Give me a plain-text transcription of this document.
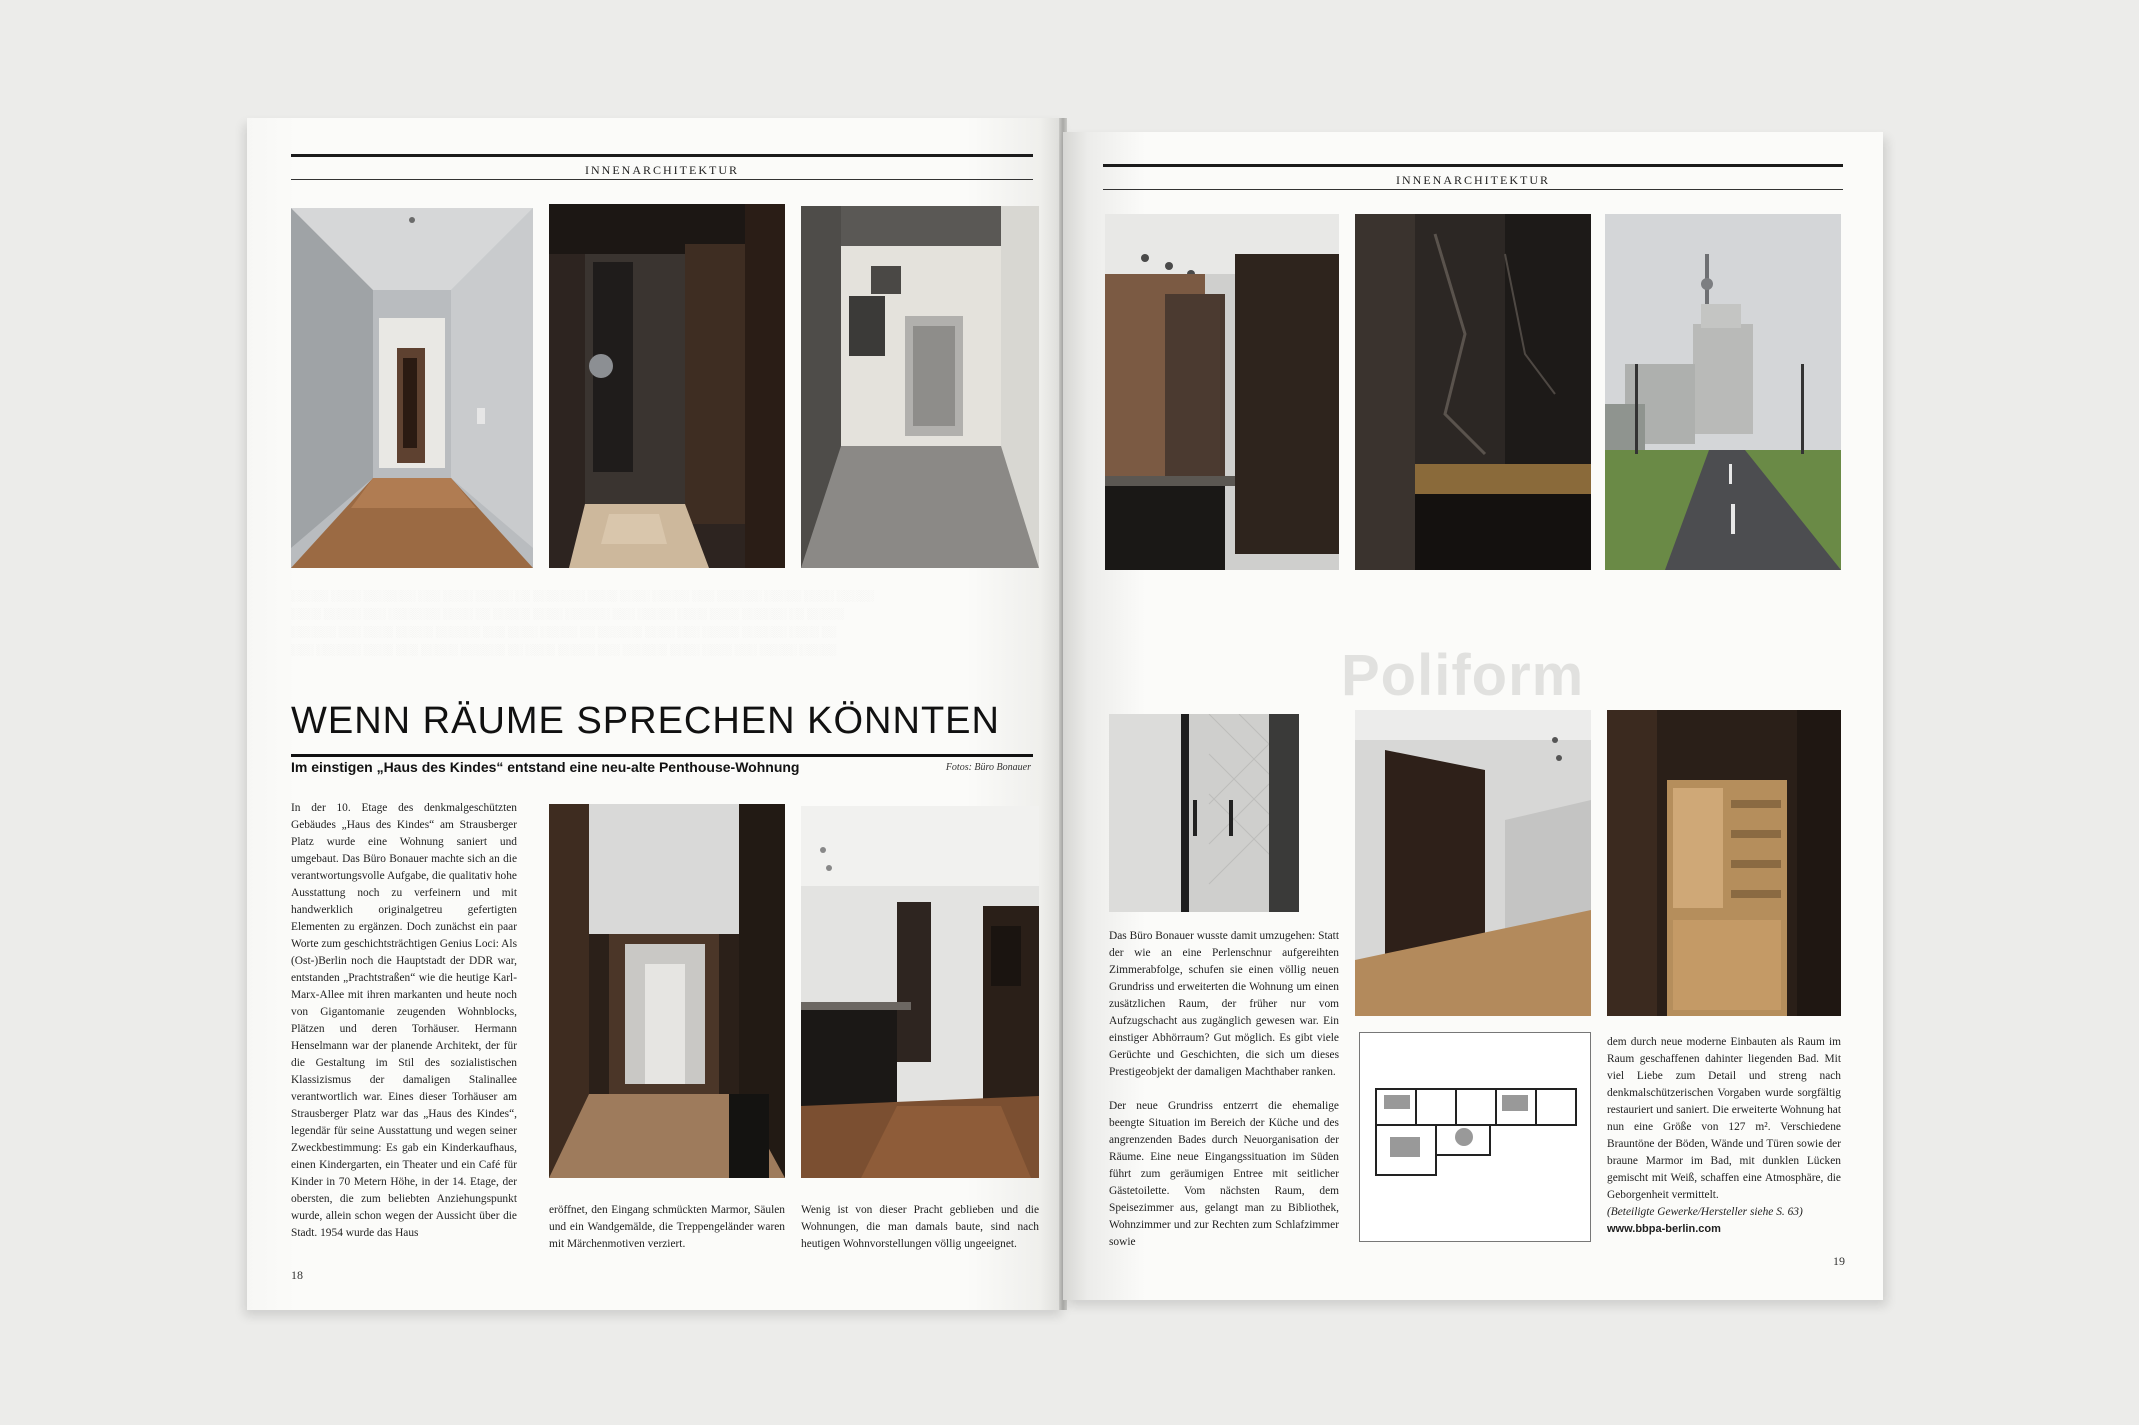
INNENARCHITEKTUR
░░░░░ ░░░░ ░░░░░░░ ░░░ ░░░░ ░░░░░ ░░ ░░░░░░░ ░░░░ ░░░░ ░░░░░ ░░░ ░░░░░░ ░░░░░ ░░░░ ░░░░░
░░░░ ░░░░░ ░░░ ░░░░░░░ ░░░░ ░░ ░░░░░ ░░░░ ░░░░░░ ░░░ ░░░░░ ░░░░ ░░░░ ░░░░░░ ░░ ░░░░░
░░░░░░ ░░░ ░░░░ ░░░░░ ░░░░░░ ░░░ ░░░░ ░░░░░ ░░ ░░░░░░ ░░░░ ░░░ ░░░░░ ░░░░░░ ░░░░ ░░
░░░ ░░░░░░ ░░░░ ░░░ ░░░░░ ░░░░░░ ░░ ░░░░ ░░░░░ ░░░ ░░░░░░ ░░░░ ░░░░ ░░░ ░░░░░ ░░░░░
WENN RÄUME SPRECHEN KÖNNTEN
Im einstigen „Haus des Kindes“ entstand eine neu-alte Penthouse-Wohnung	Fotos: Büro Bonauer

In der 10. Etage des denkmalgeschützten Gebäudes „Haus des Kindes“ am Strausberger Platz wurde eine Wohnung saniert und umgebaut. Das Büro Bonauer machte sich an die verantwortungsvolle Aufgabe, die qualitativ hohe Ausstattung noch zu verfeinern und mit handwerklich originalgetreu gefertigten Elementen zu ergänzen. Doch zunächst ein paar Worte zum geschichtsträchtigen Genius Loci: Als (Ost-)Berlin noch die Hauptstadt der DDR war, entstanden „Prachtstraßen“ wie die heutige Karl-Marx-Allee mit ihren markanten und heute noch von Gigantomanie zeugenden Wohnblocks, Plätzen und deren Torhäuser. Hermann Henselmann war der planende Architekt, der für die Gestaltung im Stil des sozialistischen Klassizismus der damaligen Stalinallee verantwortlich war. Eines dieser Torhäuser am Strausberger Platz war das „Haus des Kindes“, legendär für seine Ausstattung und wegen seiner Zweckbestimmung: Es gab ein Kinderkaufhaus, einen Kindergarten, ein Theater und ein Café für Kinder in 70 Metern Höhe, in der 14. Etage, der obersten, die zum beliebten Anziehungspunkt wurde, allein schon wegen der Aussicht über die Stadt. 1954 wurde das Haus

eröffnet, den Eingang schmückten Marmor, Säulen und ein Wandgemälde, die Treppengeländer waren mit Märchenmotiven verziert.

Wenig ist von dieser Pracht geblieben und die Wohnungen, die man damals baute, sind nach heutigen Wohnvorstellungen völlig ungeeignet.

18
INNENARCHITEKTUR
Poliform

Das Büro Bonauer wusste damit umzugehen: Statt der wie an eine Perlenschnur aufgereihten Zimmerabfolge, schufen sie einen völlig neuen Grundriss und erweiterten die Wohnung um einen zusätzlichen Raum, der früher nur vom Aufzugschacht aus zugänglich gewesen war. Ein einstiger Abhörraum? Gut möglich. Es gibt viele Gerüchte und Geschichten, die sich um dieses Prestigeobjekt der damaligen Machthaber ranken.

Der neue Grundriss entzerrt die ehemalige beengte Situation im Bereich der Küche und des angrenzenden Bades durch Neuorganisation der Räume. Eine neue Eingangssituation im Süden führt zum geräumigen Entree mit seitlicher Gästetoilette. Vom nächsten Raum, dem Speisezimmer aus, gelangt man zu Bibliothek, Wohnzimmer und zur Rechten zum Schlafzimmer sowie

dem durch neue moderne Einbauten als Raum im Raum geschaffenen dahinter liegenden Bad. Mit viel Liebe zum Detail und streng nach denkmalschützerischen Vorgaben wurde sorgfältig restauriert und saniert. Die erweiterte Wohnung hat nun eine Größe von 127 m². Verschiedene Brauntöne der Böden, Wände und Türen sowie der braune Marmor im Bad, mit dunklen Lücken gemischt mit Weiß, schaffen eine Atmosphäre, die Geborgenheit vermittelt.

(Beteiligte Gewerke/Hersteller siehe S. 63)

www.bbpa-berlin.com

19
